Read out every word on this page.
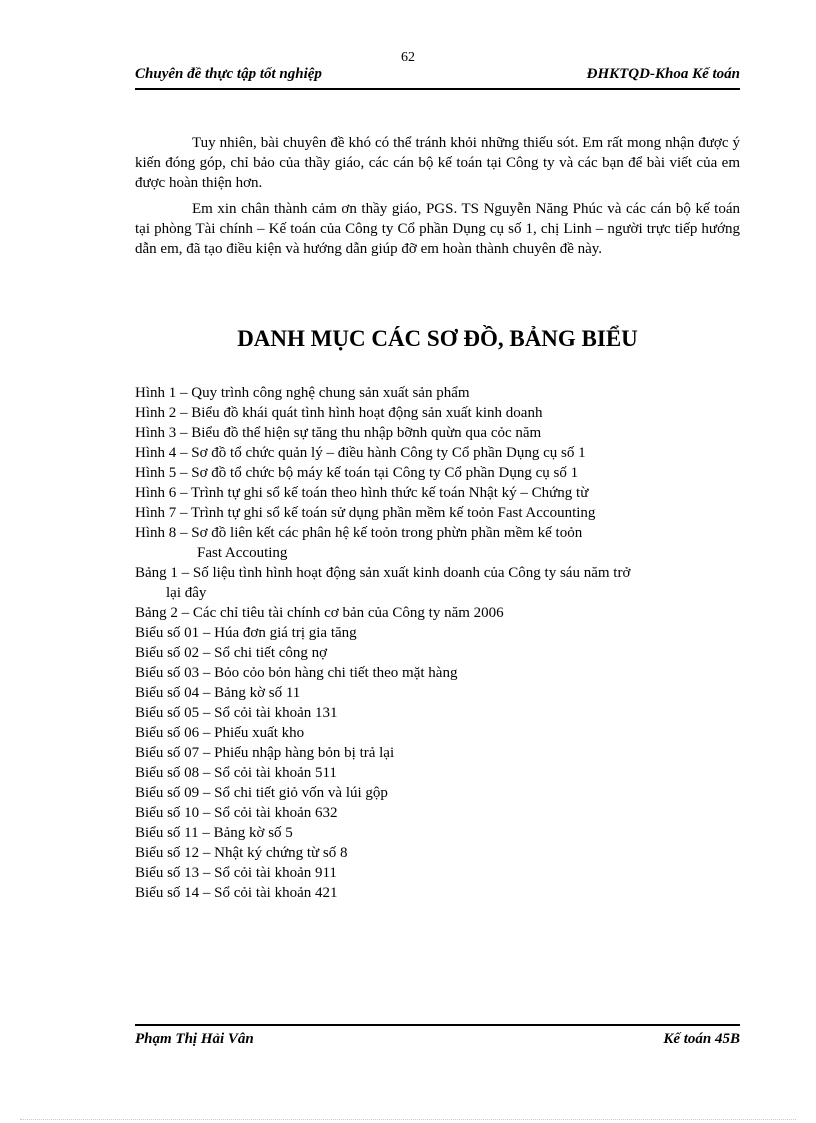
62
Chuyên đề thực tập tốt nghiệp	ĐHKTQD-Khoa Kế toán

Tuy nhiên, bài chuyên đề khó có thể tránh khỏi những thiếu sót. Em rất mong nhận được ý kiến đóng góp, chỉ bảo của thầy giáo, các cán bộ kế toán tại Công ty và các bạn để bài viết của em được hoàn thiện hơn.

Em xin chân thành cảm ơn thầy giáo, PGS. TS Nguyễn Năng Phúc và các cán bộ kế toán tại phòng Tài chính – Kế toán của Công ty Cổ phần Dụng cụ số 1, chị Linh – người trực tiếp hướng dẫn em, đã tạo điều kiện và hướng dẫn giúp đỡ em hoàn thành chuyên đề này.

DANH MỤC CÁC SƠ ĐỒ, BẢNG BIỂU
Hình 1 – Quy trình công nghệ chung sản xuất sản phẩm
Hình 2 – Biểu đồ khái quát tình hình hoạt động sản xuất kinh doanh
Hình 3 – Biểu đồ thể hiện sự tăng thu nhập bỡnh quừn qua cỏc năm
Hình 4 – Sơ đồ tổ chức quản lý – điều hành Công ty Cổ phần Dụng cụ số 1
Hình 5 – Sơ đồ tổ chức bộ máy kế toán tại Công ty Cổ phần Dụng cụ số 1
Hình 6 – Trình tự ghi sổ kế toán theo hình thức kế toán Nhật ký – Chứng từ
Hình 7 – Trình tự ghi sổ kế toán sử dụng phần mềm kế toỏn Fast Accounting
Hình 8 – Sơ đồ liên kết các phân hệ kế toỏn trong phừn phần mềm kế toỏn
Fast Accouting
Bảng 1 – Số liệu tình hình hoạt động sản xuất kinh doanh của Công ty sáu năm trở
lại đây
Bảng 2 – Các chỉ tiêu tài chính cơ bản của Công ty năm 2006
Biểu số 01 – Húa đơn giá trị gia tăng
Biểu số 02 – Sổ chi tiết công nợ
Biểu số 03 – Bỏo cỏo bỏn hàng chi tiết theo mặt hàng
Biểu số 04 – Bảng kờ số 11
Biểu số 05 – Sổ cỏi tài khoản 131
Biểu số 06 – Phiếu xuất kho
Biểu số 07 – Phiếu nhập hàng bỏn bị trả lại
Biểu số 08 – Sổ cỏi tài khoản 511
Biểu số 09 – Sổ chi tiết giỏ vốn và lúi gộp
Biểu số 10 – Sổ cỏi tài khoản 632
Biểu số 11 – Bảng kờ số 5
Biểu số 12 – Nhật ký chứng từ số 8
Biểu số 13 – Sổ cỏi tài khoản 911
Biểu số 14 – Sổ cỏi tài khoản 421
Phạm Thị Hải Vân	Kế toán 45B
